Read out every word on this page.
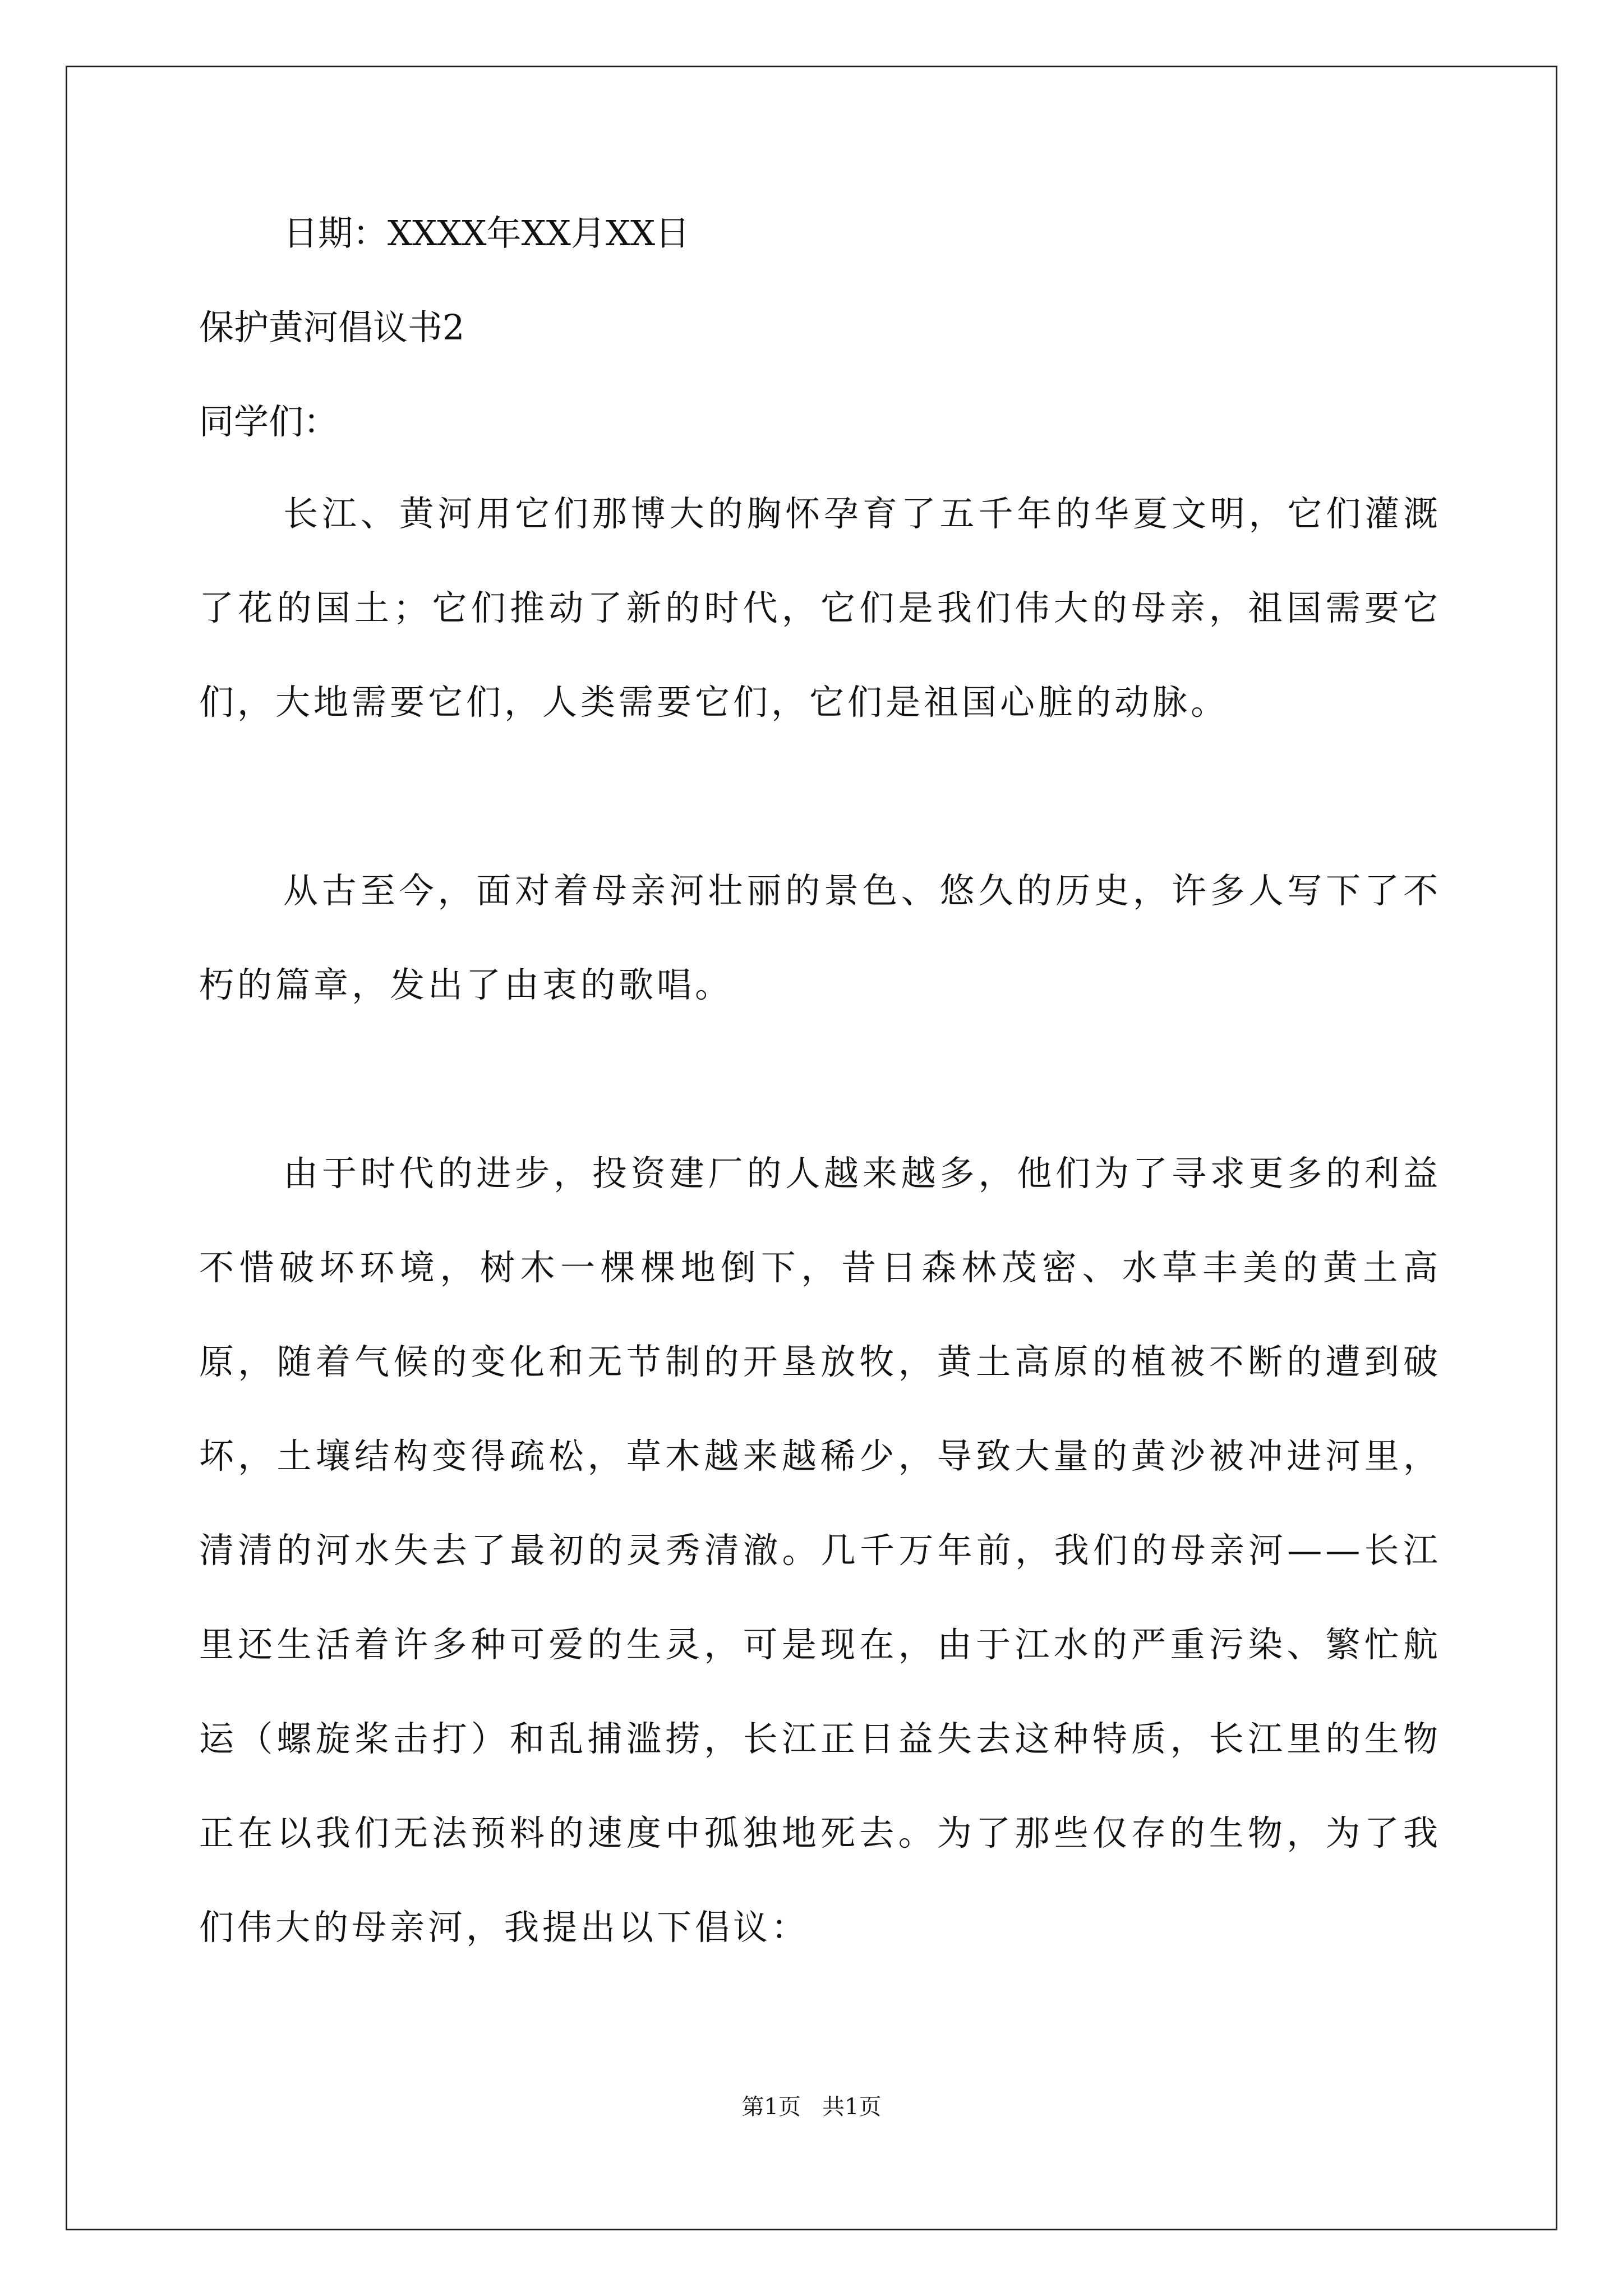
日期：XXXX年XX月XX日

保护黄河倡议书2

同学们：

长江、黄河用它们那博大的胸怀孕育了五千年的华夏文明，它们灌溉了花的国土；它们推动了新的时代，它们是我们伟大的母亲，祖国需要它们，大地需要它们，人类需要它们，它们是祖国心脏的动脉。

从古至今，面对着母亲河壮丽的景色、悠久的历史，许多人写下了不朽的篇章，发出了由衷的歌唱。

由于时代的进步，投资建厂的人越来越多，他们为了寻求更多的利益不惜破坏环境，树木一棵棵地倒下，昔日森林茂密、水草丰美的黄土高原，随着气候的变化和无节制的开垦放牧，黄土高原的植被不断的遭到破坏，土壤结构变得疏松，草木越来越稀少，导致大量的黄沙被冲进河里，清清的河水失去了最初的灵秀清澈。几千万年前，我们的母亲河——长江里还生活着许多种可爱的生灵，可是现在，由于江水的严重污染、繁忙航运（螺旋桨击打）和乱捕滥捞，长江正日益失去这种特质，长江里的生物正在以我们无法预料的速度中孤独地死去。为了那些仅存的生物，为了我们伟大的母亲河，我提出以下倡议：

第1页   共1页
